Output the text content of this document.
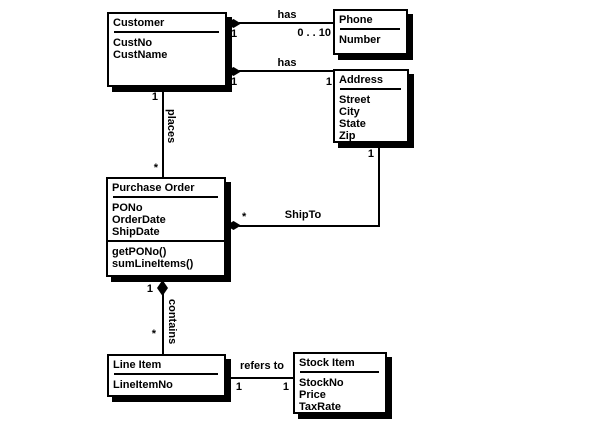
Customer
CustNo
CustName
Phone
Number
Address
Street
City
State
Zip
Purchase Order
PONo
OrderDate
ShipDate
getPONo()
sumLineItems()
Line Item
LineItemNo
Stock Item
StockNo
Price
TaxRate
has
1	0 . . 10
has
1	1
1
*
places
*	ShipTo
1
1
* contains
refers to
1	1
